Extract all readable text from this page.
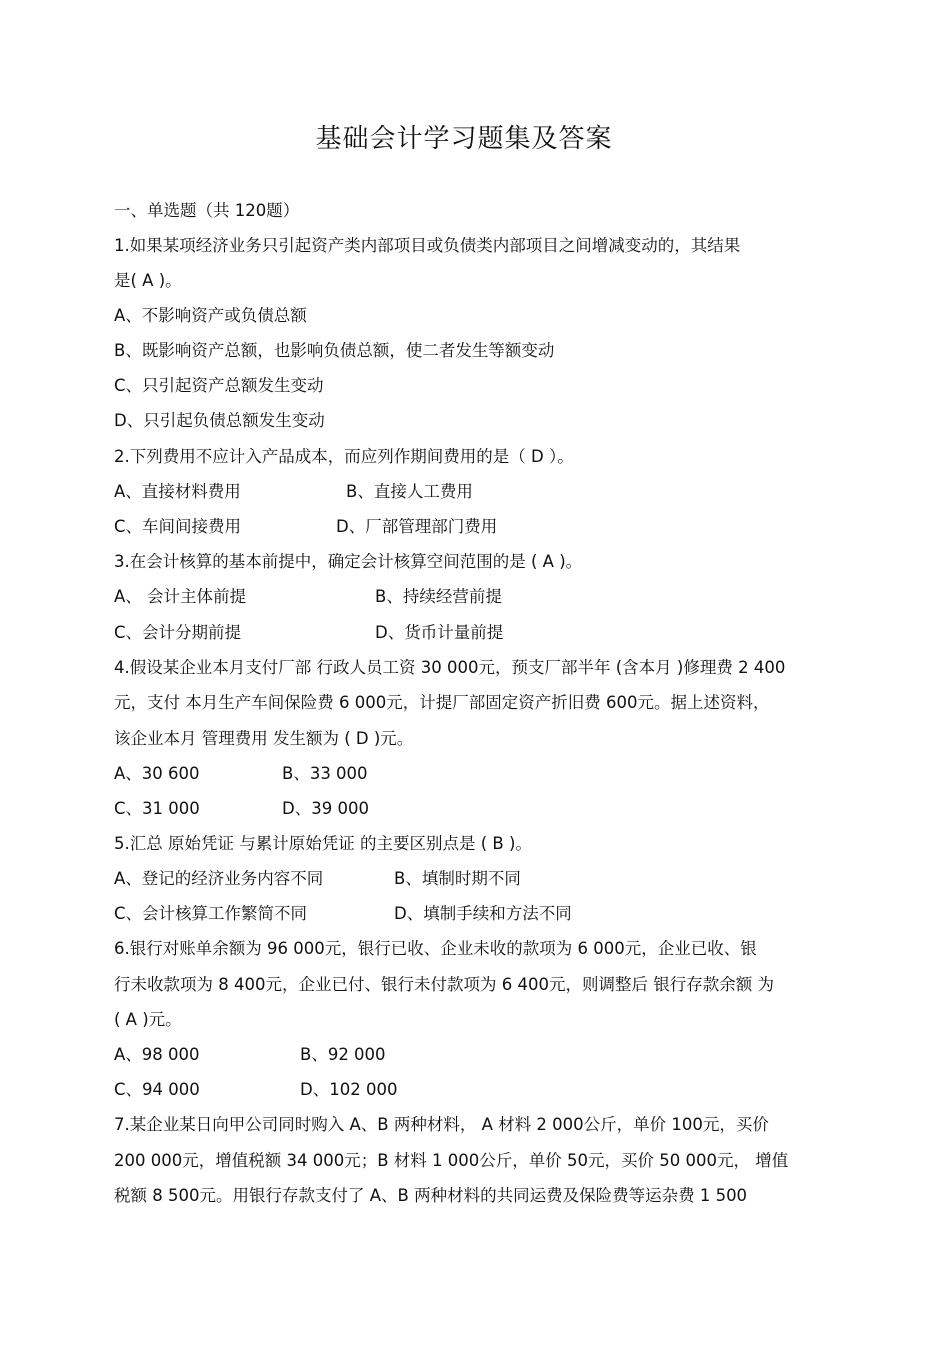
基础会计学习题集及答案
一、单选题（共 120题）
1.如果某项经济业务只引起资产类内部项目或负债类内部项目之间增减变动的，其结果
是( A )。
A、不影响资产或负债总额
B、既影响资产总额，也影响负债总额，使二者发生等额变动
C、只引起资产总额发生变动
D、只引起负债总额发生变动
2.下列费用不应计入产品成本，而应列作期间费用的是（ D ）。
A、直接材料费用	B、直接人工费用
C、车间间接费用	D、厂部管理部门费用
3.在会计核算的基本前提中，确定会计核算空间范围的是 ( A )。
A、 会计主体前提	B、持续经营前提
C、会计分期前提	D、货币计量前提
4.假设某企业本月支付厂部 行政人员工资 30 000元，预支厂部半年 (含本月 )修理费 2 400
元，支付 本月生产车间保险费 6 000元，计提厂部固定资产折旧费 600元。据上述资料，
该企业本月 管理费用 发生额为 ( D )元。
A、30 600	B、33 000
C、31 000	D、39 000
5.汇总 原始凭证 与累计原始凭证 的主要区别点是 ( B )。
A、登记的经济业务内容不同	B、填制时期不同
C、会计核算工作繁简不同	D、填制手续和方法不同
6.银行对账单余额为 96 000元，银行已收、企业未收的款项为 6 000元，企业已收、银
行未收款项为 8 400元，企业已付、银行未付款项为 6 400元，则调整后 银行存款余额 为
( A )元。
A、98 000	B、92 000
C、94 000	D、102 000
7.某企业某日向甲公司同时购入 A、B 两种材料， A 材料 2 000公斤，单价 100元，买价
200 000元，增值税额 34 000元；B 材料 1 000公斤，单价 50元，买价 50 000元， 增值
税额 8 500元。用银行存款支付了 A、B 两种材料的共同运费及保险费等运杂费 1 500
